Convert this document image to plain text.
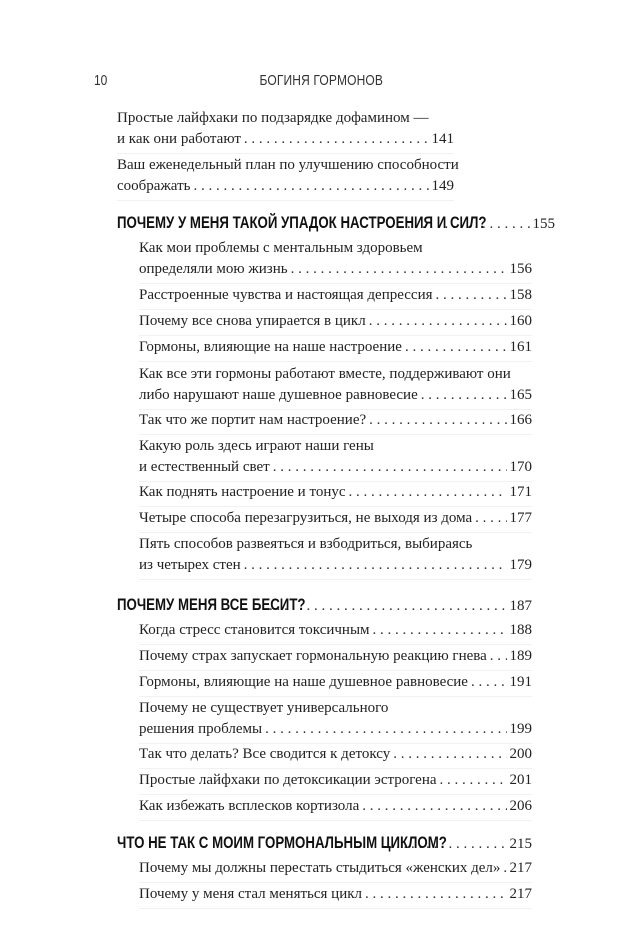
10	БОГИНЯ ГОРМОНОВ
Простые лайфхаки по подзарядке дофамином —
и как они работают . . .	141
Ваш еженедельный план по улучшению способности
соображать . . .	149
ПОЧЕМУ У МЕНЯ ТАКОЙ УПАДОК НАСТРОЕНИЯ И СИЛ? . . .	155
Как мои проблемы с ментальным здоровьем
определяли мою жизнь . . .	156
Расстроенные чувства и настоящая депрессия . . .	158
Почему все снова упирается в цикл . . .	160
Гормоны, влияющие на наше настроение . . .	161
Как все эти гормоны работают вместе, поддерживают они
либо нарушают наше душевное равновесие . . .	165
Так что же портит нам настроение? . . .	166
Какую роль здесь играют наши гены
и естественный свет . . .	170
Как поднять настроение и тонус . . .	171
Четыре способа перезагрузиться, не выходя из дома . . . 177
Пять способов развеяться и взбодриться, выбираясь
из четырех стен . . .	179
ПОЧЕМУ МЕНЯ ВСЕ БЕСИТ? . . .	187
Когда стресс становится токсичным . . .	188
Почему страх запускает гормональную реакцию гнева . . . 189
Гормоны, влияющие на наше душевное равновесие . . .	191
Почему не существует универсального
решения проблемы . . .	199
Так что делать? Все сводится к детоксу . . .	200
Простые лайфхаки по детоксикации эстрогена . . .	201
Как избежать всплесков кортизола . . .	206
ЧТО НЕ ТАК С МОИМ ГОРМОНАЛЬНЫМ ЦИКЛОМ? . . .	215
Почему мы должны перестать стыдиться «женских дел» . . . 217
Почему у меня стал меняться цикл . . .	217
